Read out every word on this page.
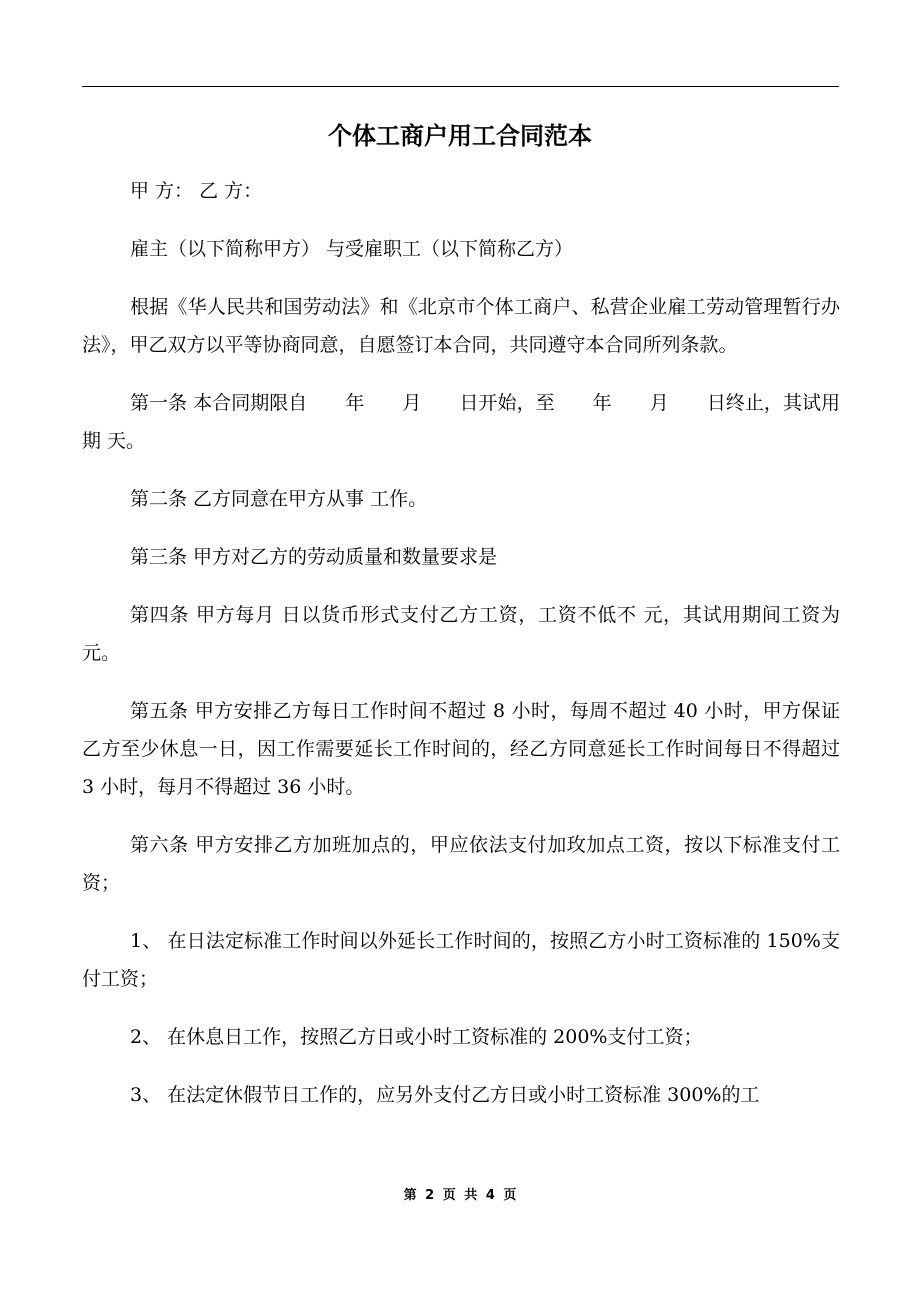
个体工商户用工合同范本

甲 方： 乙 方：

雇主（以下简称甲方） 与受雇职工（以下简称乙方）

根据《华人民共和国劳动法》和《北京市个体工商户、私营企业雇工劳动管理暂行办法》，甲乙双方以平等协商同意，自愿签订本合同，共同遵守本合同所列条款。

第一条 本合同期限自　　年　　月　　日开始，至　　年　　月　　日终止，其试用期 天。

第二条 乙方同意在甲方从事 工作。

第三条 甲方对乙方的劳动质量和数量要求是

第四条 甲方每月 日以货币形式支付乙方工资，工资不低不 元，其试用期间工资为 元。

第五条 甲方安排乙方每日工作时间不超过 8 小时，每周不超过 40 小时，甲方保证乙方至少休息一日，因工作需要延长工作时间的，经乙方同意延长工作时间每日不得超过 3 小时，每月不得超过 36 小时。

第六条 甲方安排乙方加班加点的，甲应依法支付加玫加点工资，按以下标准支付工资；

1、 在日法定标准工作时间以外延长工作时间的，按照乙方小时工资标准的 150%支付工资；

2、 在休息日工作，按照乙方日或小时工资标准的 200%支付工资；

3、 在法定休假节日工作的，应另外支付乙方日或小时工资标准 300%的工

第 2 页 共 4 页
